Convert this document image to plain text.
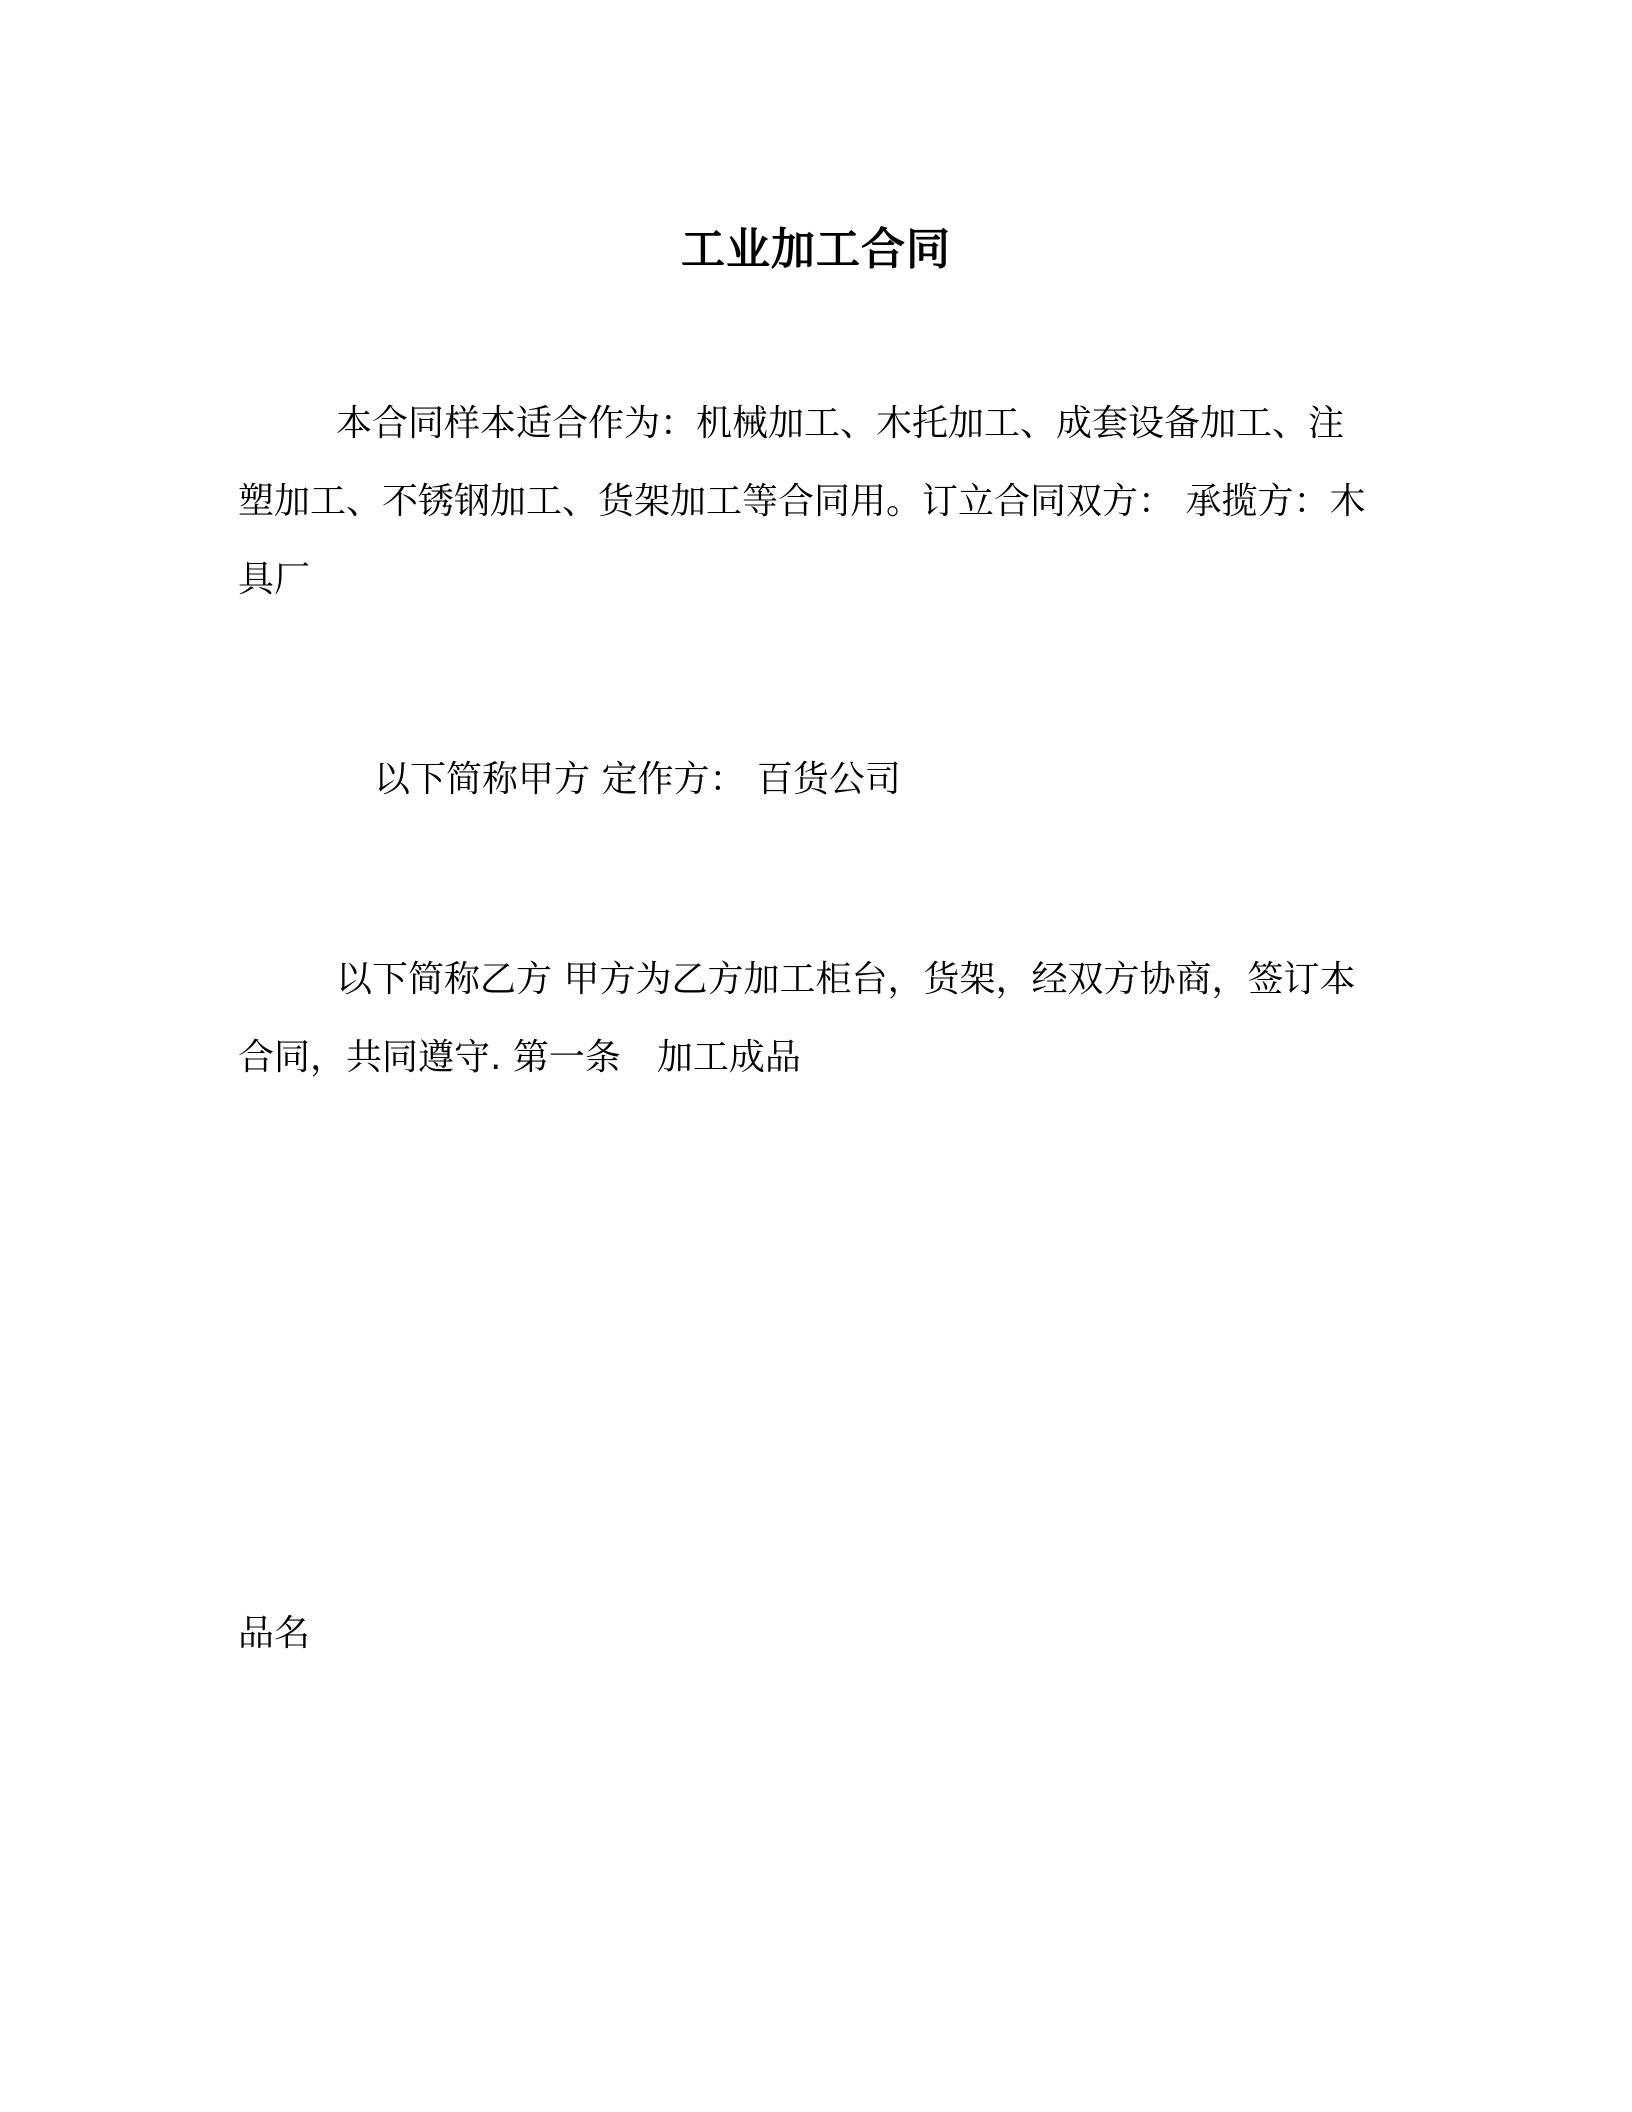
工业加工合同

本合同样本适合作为：机械加工、木托加工、成套设备加工、注塑加工、不锈钢加工、货架加工等合同用。订立合同双方： 承揽方：木具厂

以下简称甲方 定作方： 百货公司

以下简称乙方 甲方为乙方加工柜台，货架，经双方协商，签订本合同，共同遵守. 第一条　加工成品

品名
